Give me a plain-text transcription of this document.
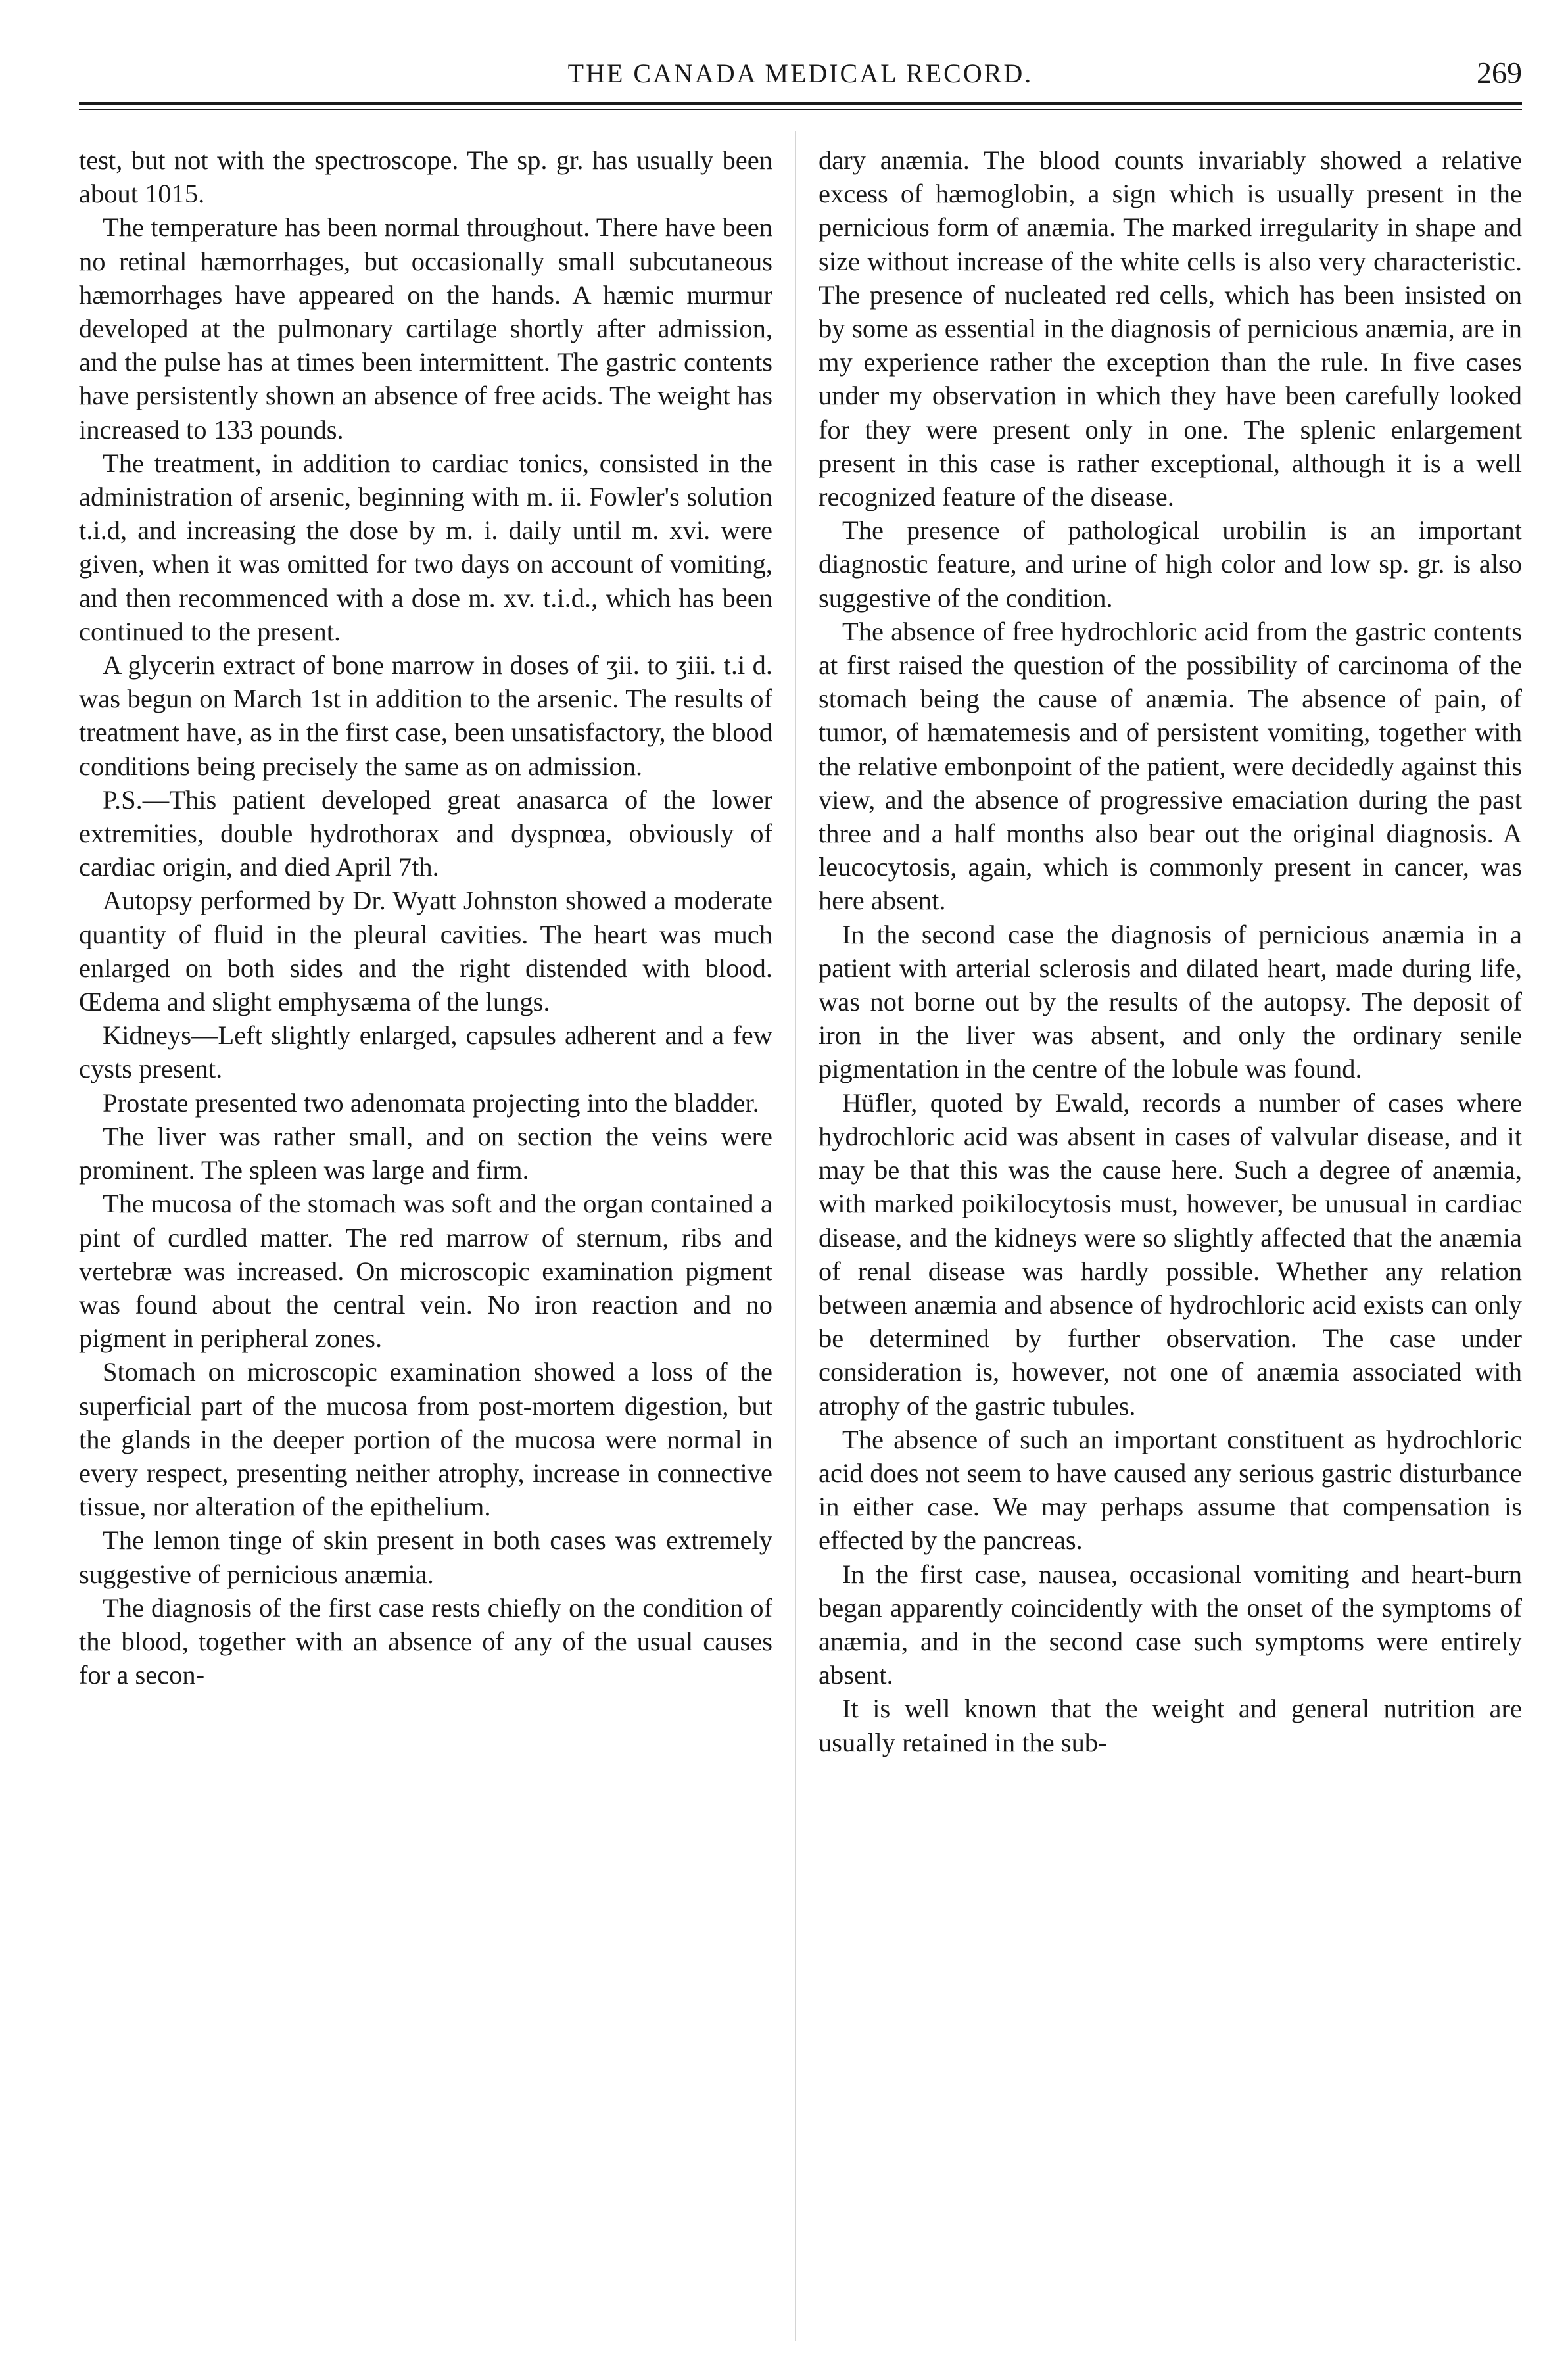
THE CANADA MEDICAL RECORD.	269

test, but not with the spectroscope. The sp. gr. has usually been about 1015.

The temperature has been normal throughout. There have been no retinal hæmorrhages, but occasionally small subcutaneous hæmorrhages have appeared on the hands. A hæmic murmur developed at the pulmonary cartilage shortly after admission, and the pulse has at times been intermittent. The gastric contents have persistently shown an absence of free acids. The weight has increased to 133 pounds.

The treatment, in addition to cardiac tonics, consisted in the administration of arsenic, beginning with m. ii. Fowler's solution t.i.d, and increasing the dose by m. i. daily until m. xvi. were given, when it was omitted for two days on account of vomiting, and then recommenced with a dose m. xv. t.i.d., which has been continued to the present.

A glycerin extract of bone marrow in doses of ʒii. to ʒiii. t.i d. was begun on March 1st in addition to the arsenic. The results of treatment have, as in the first case, been unsatisfactory, the blood conditions being precisely the same as on admission.

P.S.—This patient developed great anasarca of the lower extremities, double hydrothorax and dyspnœa, obviously of cardiac origin, and died April 7th.

Autopsy performed by Dr. Wyatt Johnston showed a moderate quantity of fluid in the pleural cavities. The heart was much enlarged on both sides and the right distended with blood. Œdema and slight emphysæma of the lungs.

Kidneys—Left slightly enlarged, capsules adherent and a few cysts present.

Prostate presented two adenomata projecting into the bladder.

The liver was rather small, and on section the veins were prominent. The spleen was large and firm.

The mucosa of the stomach was soft and the organ contained a pint of curdled matter. The red marrow of sternum, ribs and vertebræ was increased. On microscopic examination pigment was found about the central vein. No iron reaction and no pigment in peripheral zones.

Stomach on microscopic examination showed a loss of the superficial part of the mucosa from post-mortem digestion, but the glands in the deeper portion of the mucosa were normal in every respect, presenting neither atrophy, increase in connective tissue, nor alteration of the epithelium.

The lemon tinge of skin present in both cases was extremely suggestive of pernicious anæmia.

The diagnosis of the first case rests chiefly on the condition of the blood, together with an absence of any of the usual causes for a secon-

dary anæmia. The blood counts invariably showed a relative excess of hæmoglobin, a sign which is usually present in the pernicious form of anæmia. The marked irregularity in shape and size without increase of the white cells is also very characteristic. The presence of nucleated red cells, which has been insisted on by some as essential in the diagnosis of pernicious anæmia, are in my experience rather the exception than the rule. In five cases under my observation in which they have been carefully looked for they were present only in one. The splenic enlargement present in this case is rather exceptional, although it is a well recognized feature of the disease.

The presence of pathological urobilin is an important diagnostic feature, and urine of high color and low sp. gr. is also suggestive of the condition.

The absence of free hydrochloric acid from the gastric contents at first raised the question of the possibility of carcinoma of the stomach being the cause of anæmia. The absence of pain, of tumor, of hæmatemesis and of persistent vomiting, together with the relative embonpoint of the patient, were decidedly against this view, and the absence of progressive emaciation during the past three and a half months also bear out the original diagnosis. A leucocytosis, again, which is commonly present in cancer, was here absent.

In the second case the diagnosis of pernicious anæmia in a patient with arterial sclerosis and dilated heart, made during life, was not borne out by the results of the autopsy. The deposit of iron in the liver was absent, and only the ordinary senile pigmentation in the centre of the lobule was found.

Hüfler, quoted by Ewald, records a number of cases where hydrochloric acid was absent in cases of valvular disease, and it may be that this was the cause here. Such a degree of anæmia, with marked poikilocytosis must, however, be unusual in cardiac disease, and the kidneys were so slightly affected that the anæmia of renal disease was hardly possible. Whether any relation between anæmia and absence of hydrochloric acid exists can only be determined by further observation. The case under consideration is, however, not one of anæmia associated with atrophy of the gastric tubules.

The absence of such an important constituent as hydrochloric acid does not seem to have caused any serious gastric disturbance in either case. We may perhaps assume that compensation is effected by the pancreas.

In the first case, nausea, occasional vomiting and heart-burn began apparently coincidently with the onset of the symptoms of anæmia, and in the second case such symptoms were entirely absent.

It is well known that the weight and general nutrition are usually retained in the sub-
